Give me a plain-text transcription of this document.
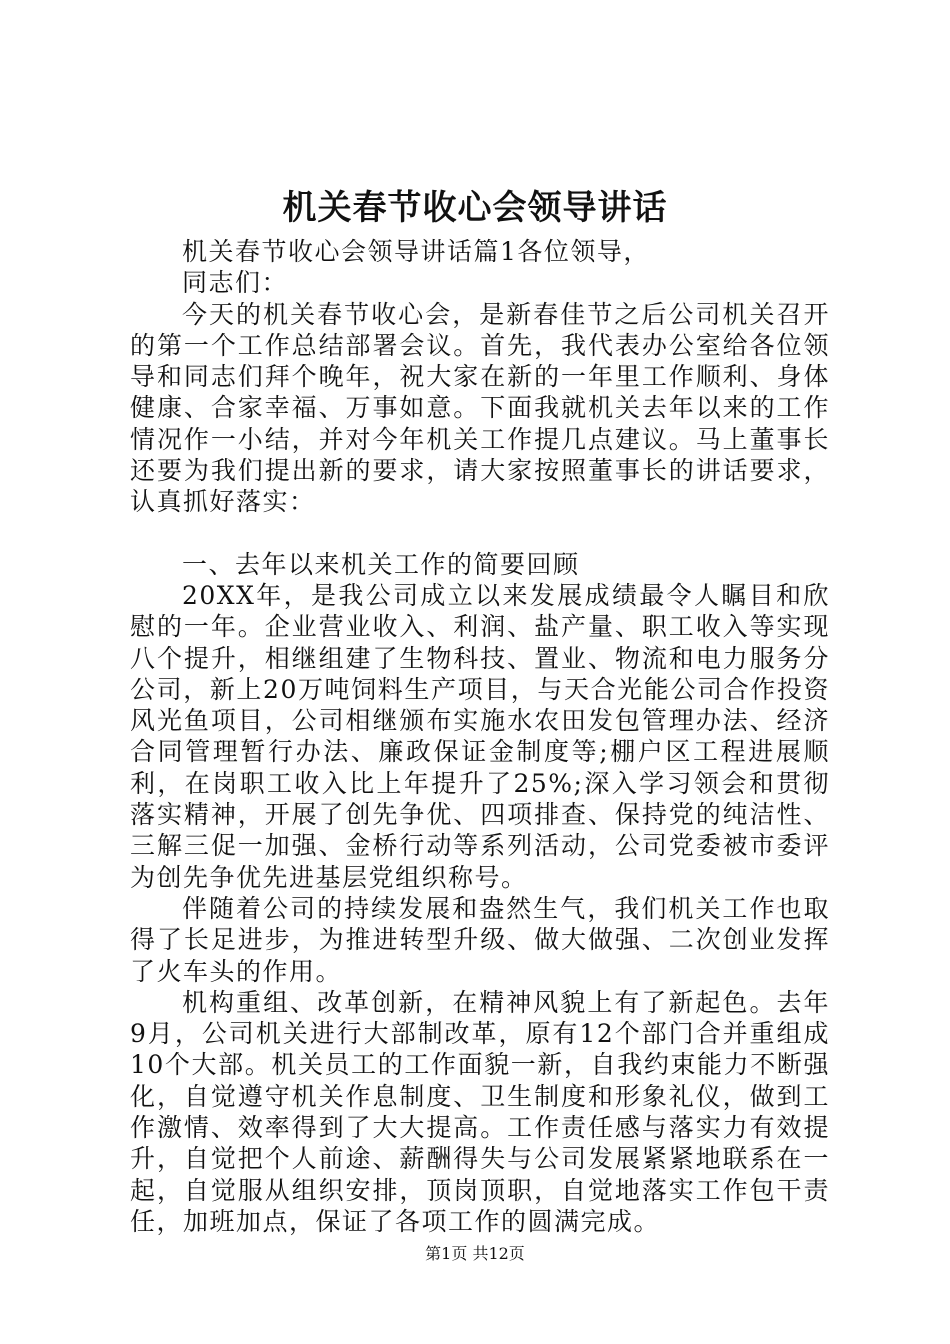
机关春节收心会领导讲话

机关春节收心会领导讲话篇1各位领导，

同志们：

今天的机关春节收心会，是新春佳节之后公司机关召开的第一个工作总结部署会议。首先，我代表办公室给各位领导和同志们拜个晚年，祝大家在新的一年里工作顺利、身体健康、合家幸福、万事如意。下面我就机关去年以来的工作情况作一小结，并对今年机关工作提几点建议。马上董事长还要为我们提出新的要求，请大家按照董事长的讲话要求，认真抓好落实：

一、去年以来机关工作的简要回顾

20XX年，是我公司成立以来发展成绩最令人瞩目和欣慰的一年。企业营业收入、利润、盐产量、职工收入等实现八个提升，相继组建了生物科技、置业、物流和电力服务分公司，新上20万吨饲料生产项目，与天合光能公司合作投资风光鱼项目，公司相继颁布实施水农田发包管理办法、经济合同管理暂行办法、廉政保证金制度等;棚户区工程进展顺利，在岗职工收入比上年提升了25%;深入学习领会和贯彻落实精神，开展了创先争优、四项排查、保持党的纯洁性、三解三促一加强、金桥行动等系列活动，公司党委被市委评为创先争优先进基层党组织称号。

伴随着公司的持续发展和盎然生气，我们机关工作也取得了长足进步，为推进转型升级、做大做强、二次创业发挥了火车头的作用。

机构重组、改革创新，在精神风貌上有了新起色。去年9月，公司机关进行大部制改革，原有12个部门合并重组成10个大部。机关员工的工作面貌一新，自我约束能力不断强化，自觉遵守机关作息制度、卫生制度和形象礼仪，做到工作激情、效率得到了大大提高。工作责任感与落实力有效提升，自觉把个人前途、薪酬得失与公司发展紧紧地联系在一起，自觉服从组织安排，顶岗顶职，自觉地落实工作包干责任，加班加点，保证了各项工作的圆满完成。

第1页 共12页
